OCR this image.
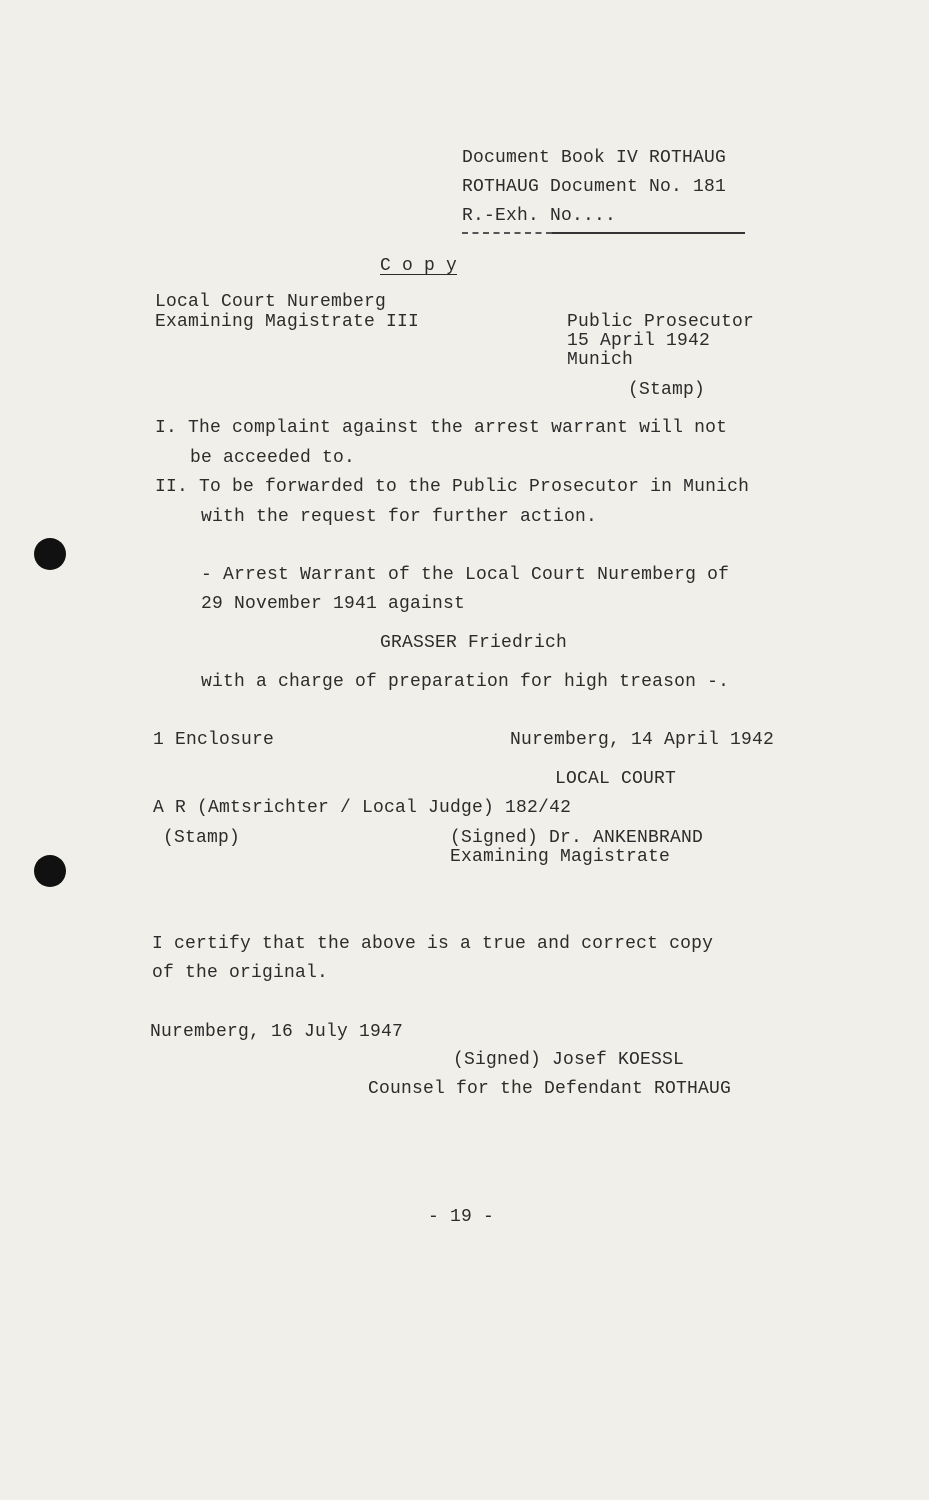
Document Book IV ROTHAUG
ROTHAUG Document No. 181
R.-Exh. No....
C o p y
Local Court Nuremberg
Examining Magistrate III	Public Prosecutor
15 April 1942
Munich
(Stamp)
I. The complaint against the arrest warrant will not
be acceeded to.
II. To be forwarded to the Public Prosecutor in Munich
with the request for further action.
- Arrest Warrant of the Local Court Nuremberg of
29 November 1941 against
GRASSER Friedrich
with a charge of preparation for high treason -.
1 Enclosure	Nuremberg, 14 April 1942
LOCAL COURT
A R (Amtsrichter / Local Judge) 182/42
(Stamp)	(Signed) Dr. ANKENBRAND
Examining Magistrate
I certify that the above is a true and correct copy
of the original.
Nuremberg, 16 July 1947
(Signed) Josef KOESSL
Counsel for the Defendant ROTHAUG
- 19 -
